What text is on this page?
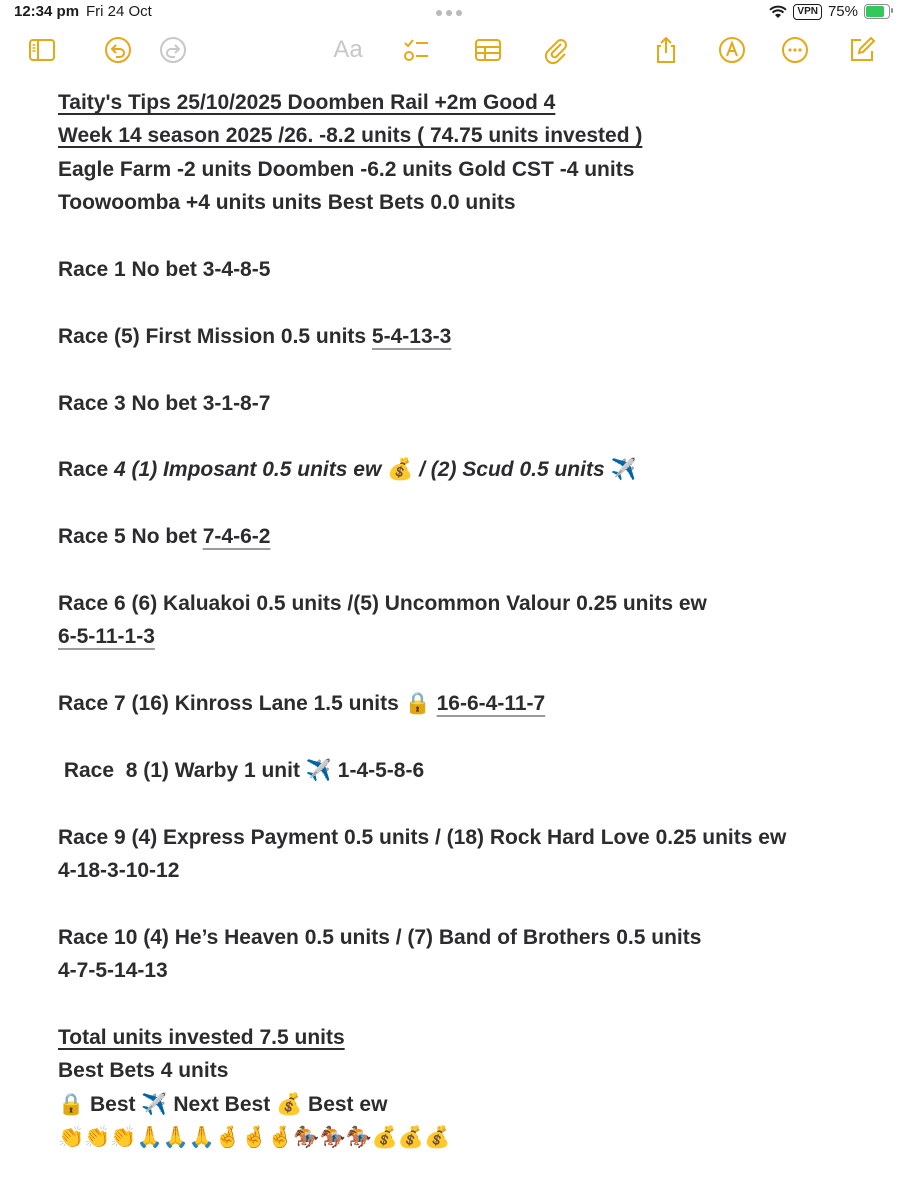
12:34 pm Fri 24 Oct	VPN 75%
Aa
Taity's Tips 25/10/2025 Doomben Rail +2m Good 4
Week 14 season 2025 /26. -8.2 units ( 74.75 units invested )
Eagle Farm -2 units Doomben -6.2 units Gold CST -4 units
Toowoomba +4 units units Best Bets 0.0 units
Race 1 No bet 3-4-8-5
Race (5) First Mission 0.5 units 5-4-13-3
Race 3 No bet 3-1-8-7
Race 4 (1) Imposant 0.5 units ew 💰 / (2) Scud 0.5 units ✈️
Race 5 No bet 7-4-6-2
Race 6 (6) Kaluakoi 0.5 units /(5) Uncommon Valour 0.25 units ew
6-5-11-1-3
Race 7 (16) Kinross Lane 1.5 units 🔒 16-6-4-11-7
Race  8 (1) Warby 1 unit ✈️ 1-4-5-8-6
Race 9 (4) Express Payment 0.5 units / (18) Rock Hard Love 0.25 units ew
4-18-3-10-12
Race 10 (4) He’s Heaven 0.5 units / (7) Band of Brothers 0.5 units
4-7-5-14-13
Total units invested 7.5 units
Best Bets 4 units
🔒 Best ✈️ Next Best 💰 Best ew
👏👏👏🙏🙏🙏🤞🤞🤞🏇🏇🏇💰💰💰
